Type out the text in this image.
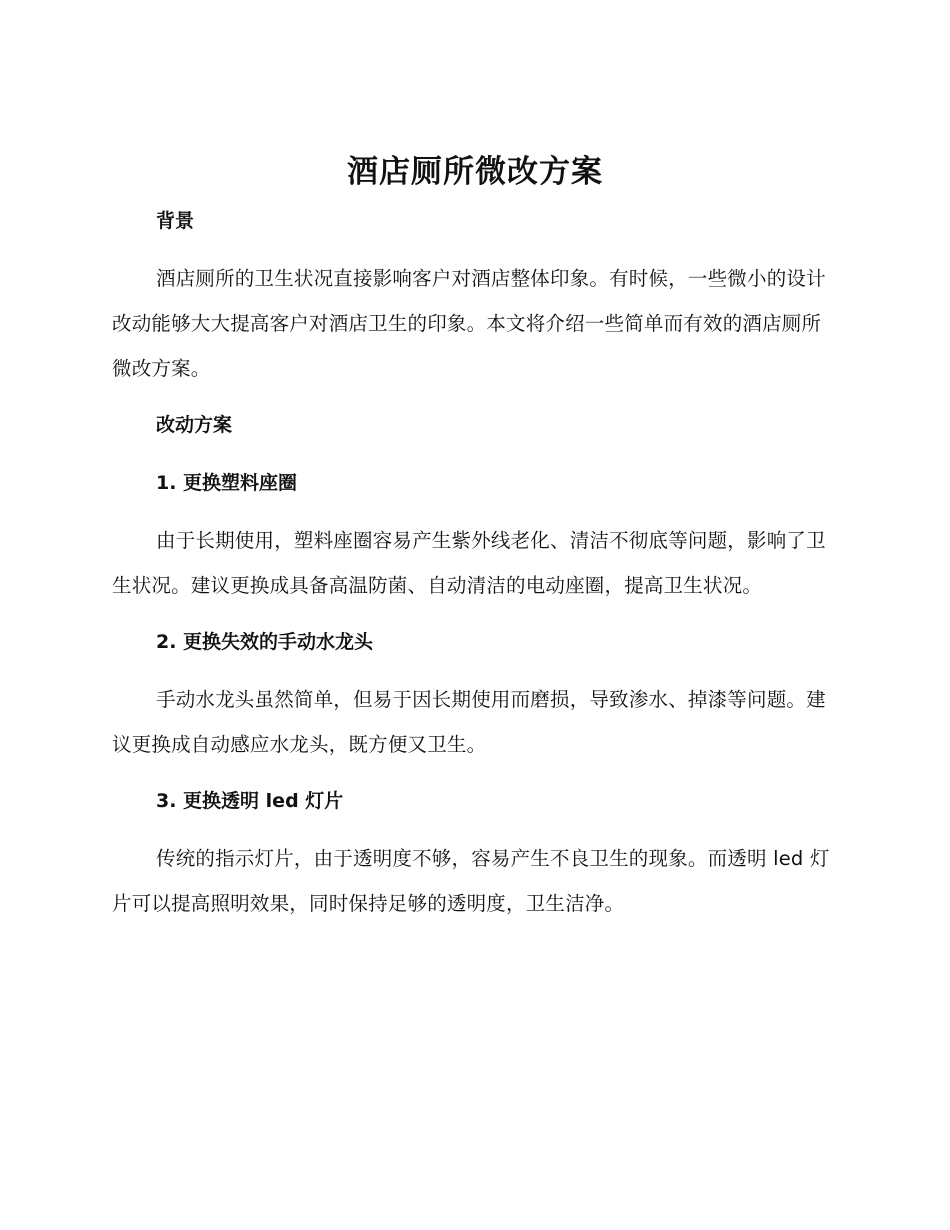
酒店厕所微改方案
背景

酒店厕所的卫生状况直接影响客户对酒店整体印象。有时候，一些微小的设计改动能够大大提高客户对酒店卫生的印象。本文将介绍一些简单而有效的酒店厕所微改方案。

改动方案
1. 更换塑料座圈

由于长期使用，塑料座圈容易产生紫外线老化、清洁不彻底等问题，影响了卫生状况。建议更换成具备高温防菌、自动清洁的电动座圈，提高卫生状况。

2. 更换失效的手动水龙头

手动水龙头虽然简单，但易于因长期使用而磨损，导致渗水、掉漆等问题。建议更换成自动感应水龙头，既方便又卫生。

3. 更换透明 led 灯片

传统的指示灯片，由于透明度不够，容易产生不良卫生的现象。而透明 led 灯片可以提高照明效果，同时保持足够的透明度，卫生洁净。
